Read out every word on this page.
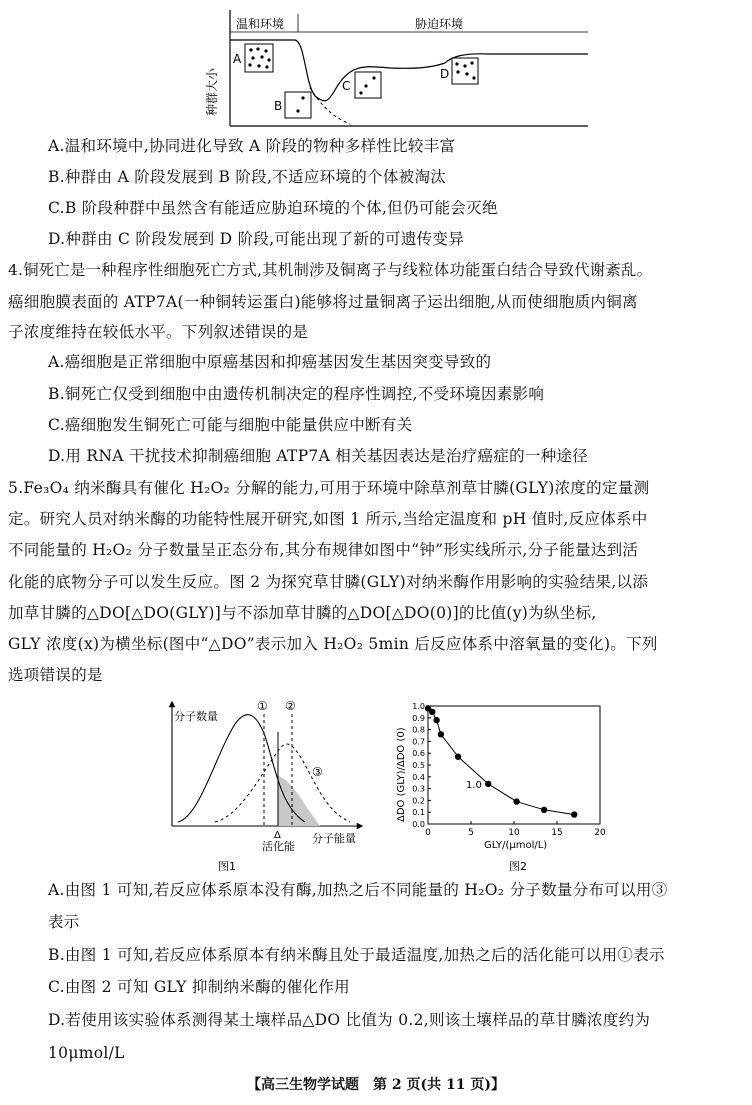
温和环境	胁迫环境
种群大小
A
B
C
D
A.温和环境中,协同进化导致 A 阶段的物种多样性比较丰富
B.种群由 A 阶段发展到 B 阶段,不适应环境的个体被淘汰
C.B 阶段种群中虽然含有能适应胁迫环境的个体,但仍可能会灭绝
D.种群由 C 阶段发展到 D 阶段,可能出现了新的可遗传变异
4.铜死亡是一种程序性细胞死亡方式,其机制涉及铜离子与线粒体功能蛋白结合导致代谢紊乱。
癌细胞膜表面的 ATP7A(一种铜转运蛋白)能够将过量铜离子运出细胞,从而使细胞质内铜离
子浓度维持在较低水平。下列叙述错误的是
A.癌细胞是正常细胞中原癌基因和抑癌基因发生基因突变导致的
B.铜死亡仅受到细胞中由遗传机制决定的程序性调控,不受环境因素影响
C.癌细胞发生铜死亡可能与细胞中能量供应中断有关
D.用 RNA 干扰技术抑制癌细胞 ATP7A 相关基因表达是治疗癌症的一种途径
5.Fe₃O₄ 纳米酶具有催化 H₂O₂ 分解的能力,可用于环境中除草剂草甘膦(GLY)浓度的定量测
定。研究人员对纳米酶的功能特性展开研究,如图 1 所示,当给定温度和 pH 值时,反应体系中
不同能量的 H₂O₂ 分子数量呈正态分布,其分布规律如图中“钟”形实线所示,分子能量达到活
化能的底物分子可以发生反应。图 2 为探究草甘膦(GLY)对纳米酶作用影响的实验结果,以添
加草甘膦的△DO[△DO(GLY)]与不添加草甘膦的△DO[△DO(0)]的比值(y)为纵坐标,
GLY 浓度(x)为横坐标(图中“△DO”表示加入 H₂O₂ 5min 后反应体系中溶氧量的变化)。下列
选项错误的是
分子数量
① ②
③
Δ
活化能
分子能量
图1
0.0
0.1
0.2
0.3
0.4
0.5
0.6
0.7
0.8
0.9
1.0
0	5	10	15	20
ΔDO (GLY)/ΔDO (0)
GLY/(μmol/L)
1.0
图2
A.由图 1 可知,若反应体系原本没有酶,加热之后不同能量的 H₂O₂ 分子数量分布可以用③
表示
B.由图 1 可知,若反应体系原本有纳米酶且处于最适温度,加热之后的活化能可以用①表示
C.由图 2 可知 GLY 抑制纳米酶的催化作用
D.若使用该实验体系测得某土壤样品△DO 比值为 0.2,则该土壤样品的草甘膦浓度约为
10μmol/L
【高三生物学试题　第 2 页(共 11 页)】
